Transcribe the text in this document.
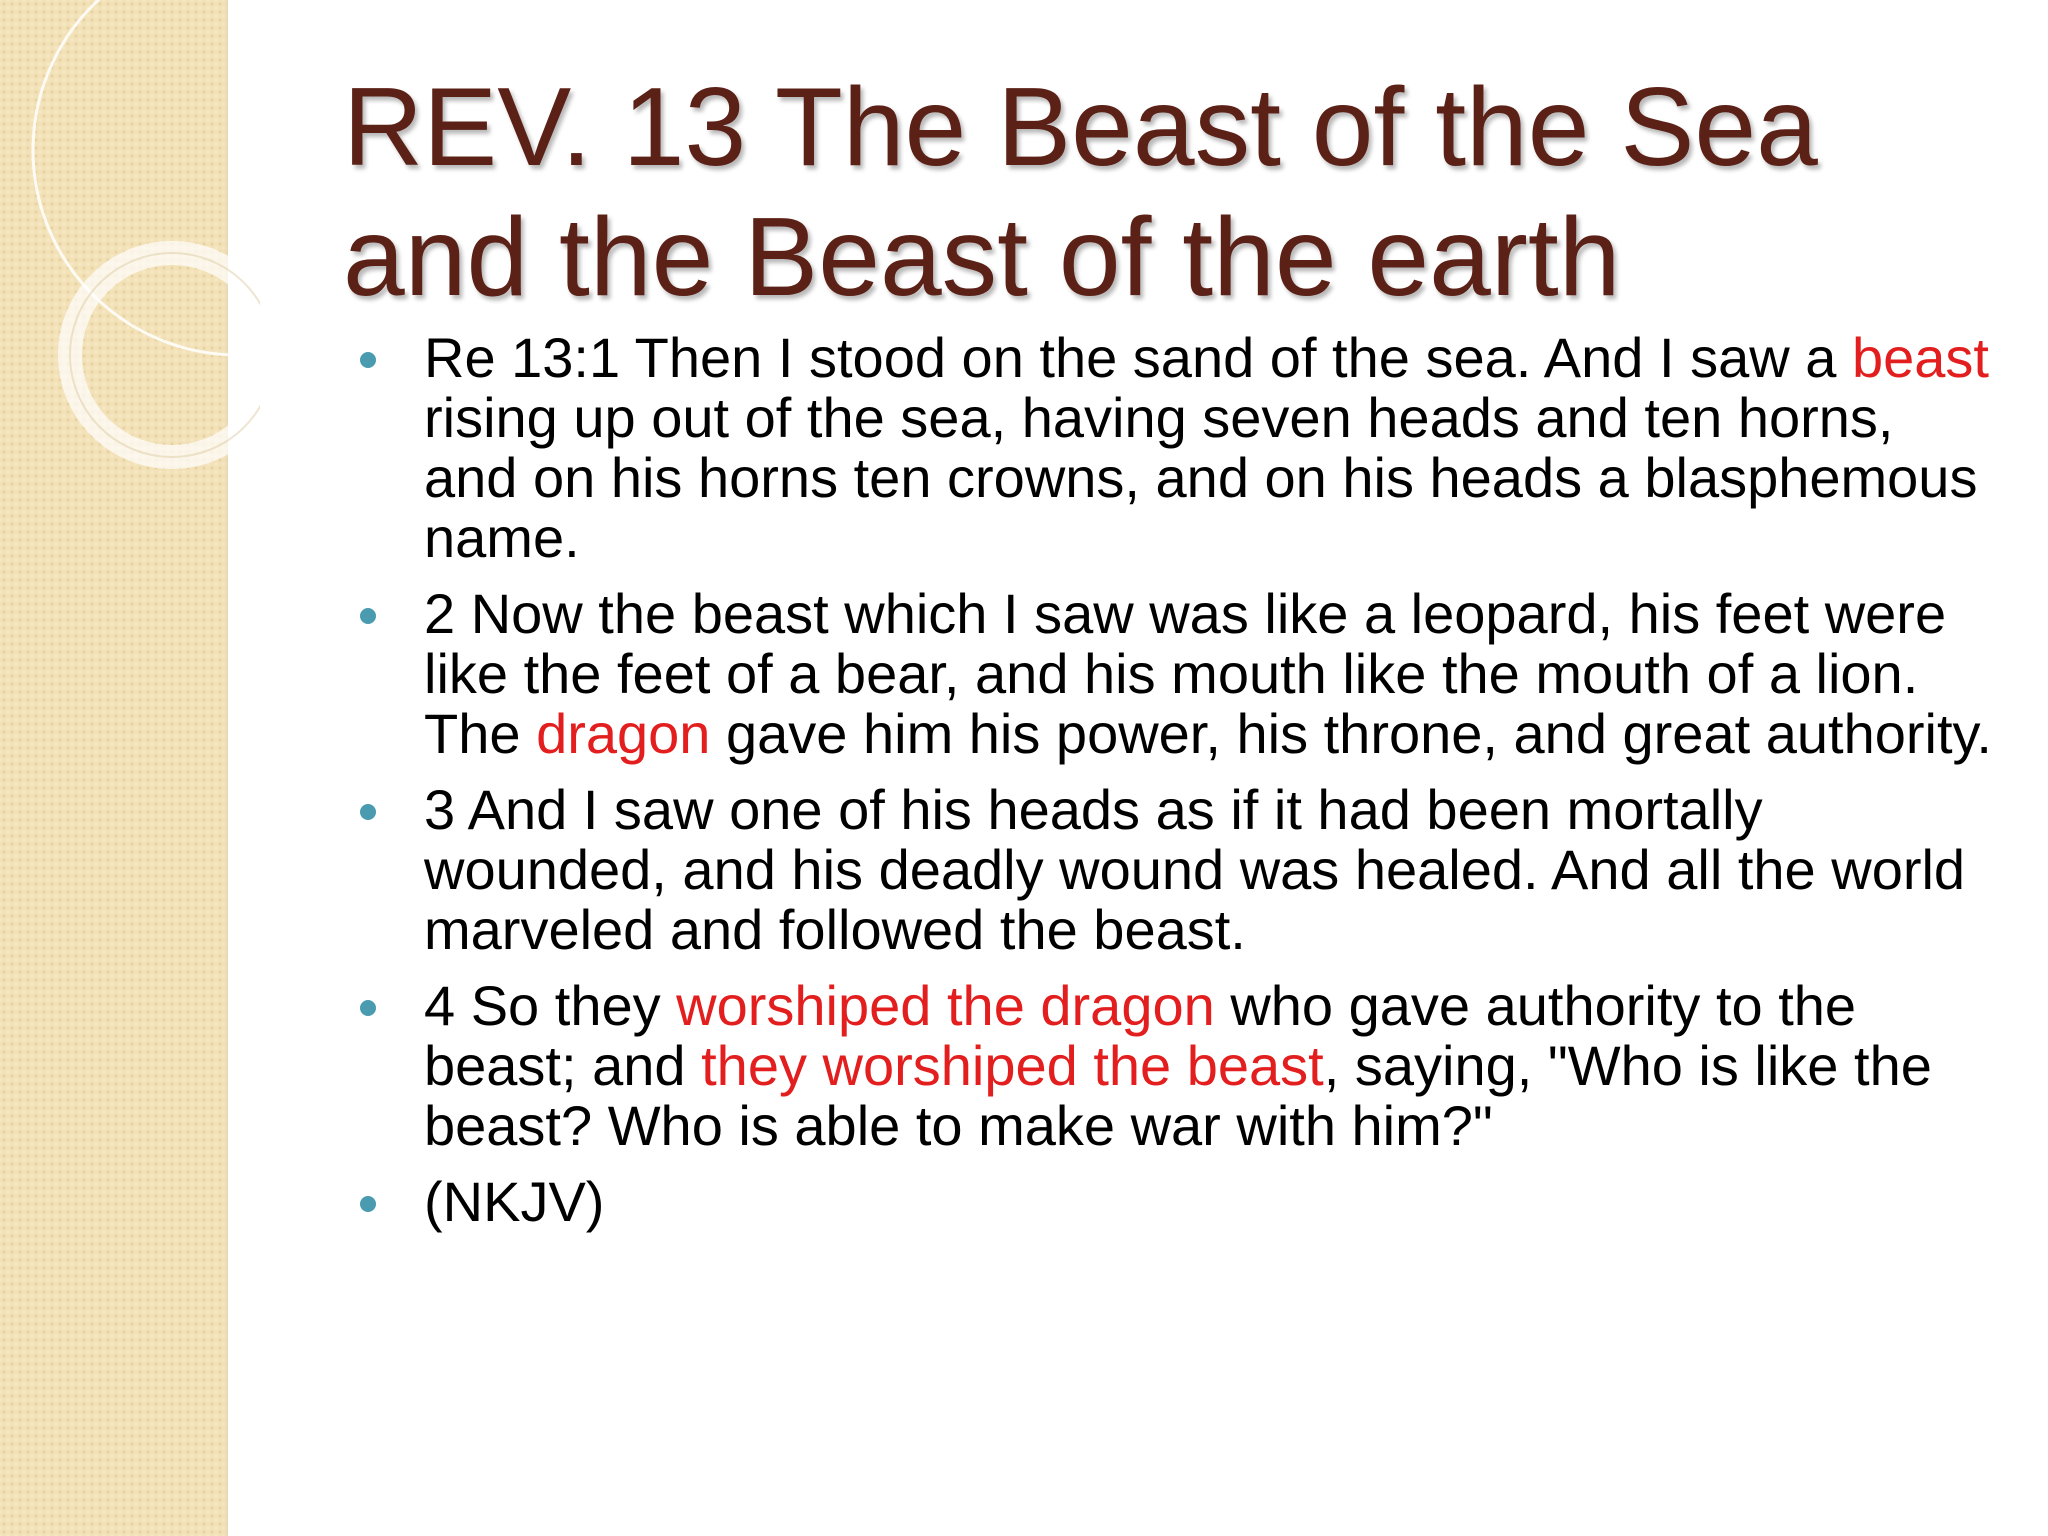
REV. 13 The Beast of the Sea
and the Beast of the earth
Re 13:1 Then I stood on the sand of the sea. And I saw a beast rising up out of the sea, having seven heads and ten horns, and on his horns ten crowns, and on his heads a blasphemous name.
2 Now the beast which I saw was like a leopard, his feet were like the feet of a bear, and his mouth like the mouth of a lion. The dragon gave him his power, his throne, and great authority.
3 And I saw one of his heads as if it had been mortally wounded, and his deadly wound was healed. And all the world marveled and followed the beast.
4 So they worshiped the dragon who gave authority to the beast; and they worshiped the beast, saying, "Who is like the beast? Who is able to make war with him?"
(NKJV)
